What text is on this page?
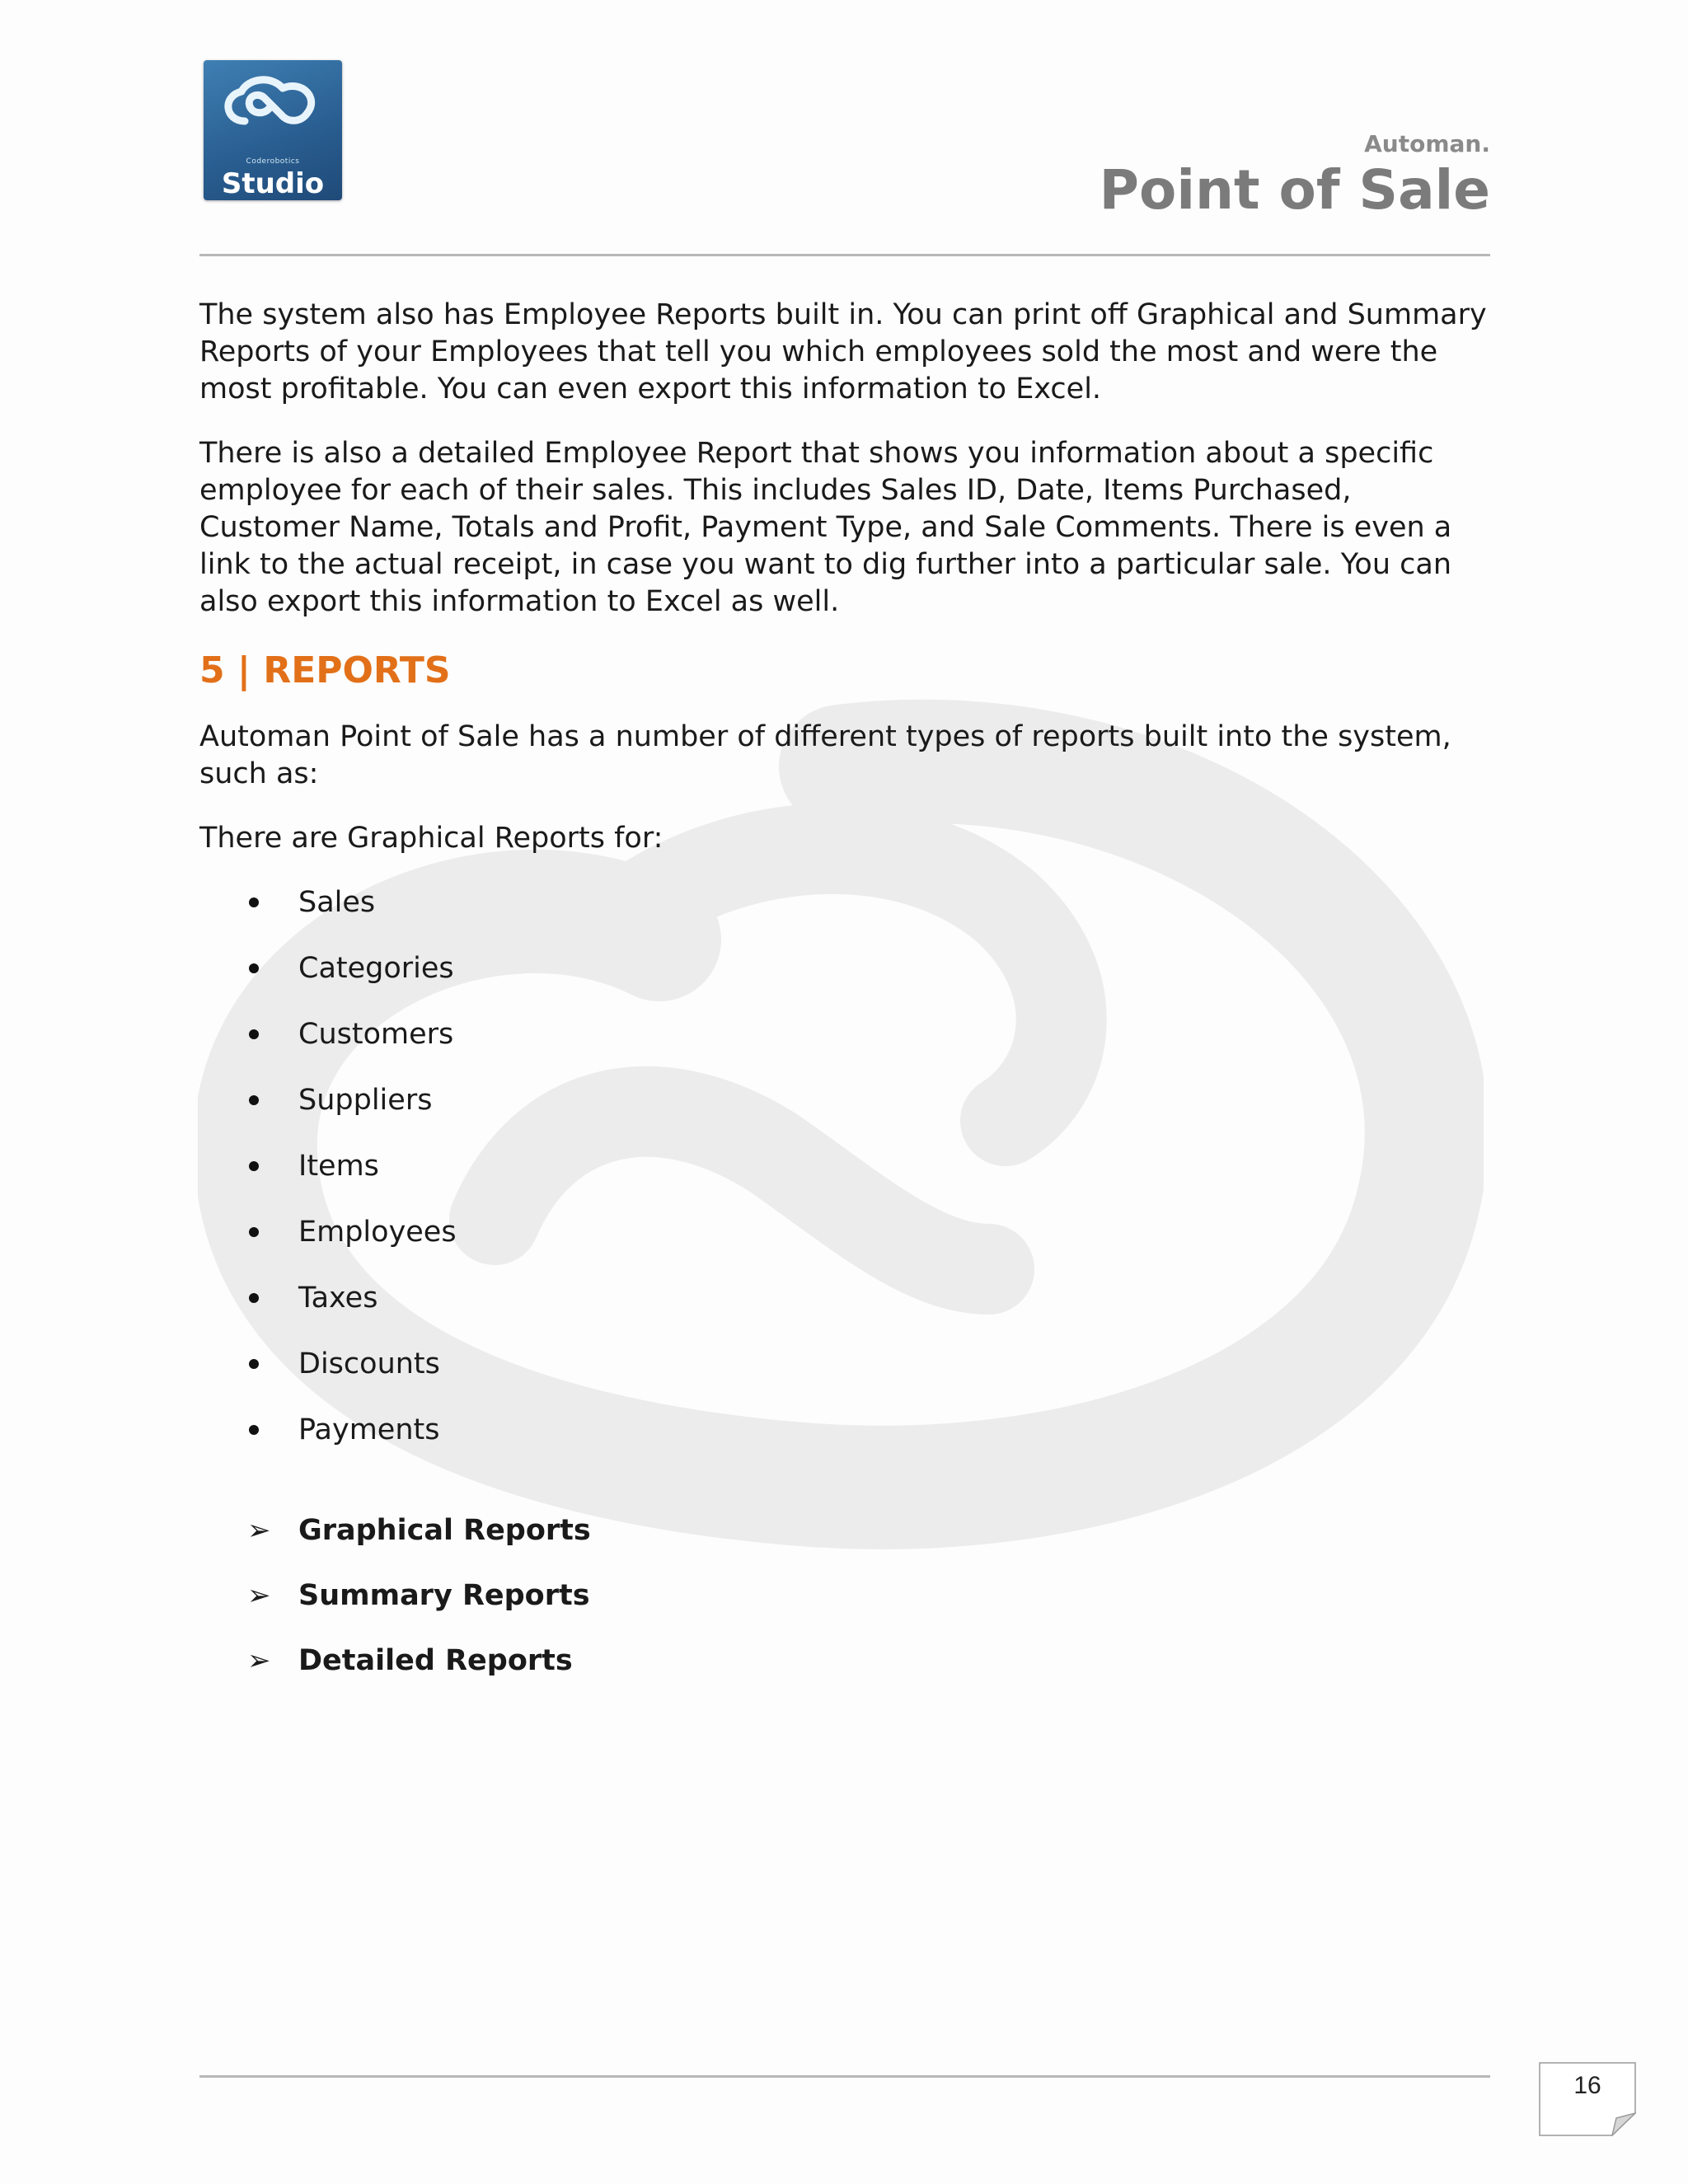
Coderobotics
Studio
Automan.
Point of Sale

The system also has Employee Reports built in. You can print off Graphical and Summary Reports of your Employees that tell you which employees sold the most and were the most profitable. You can even export this information to Excel.

There is also a detailed Employee Report that shows you information about a specific employee for each of their sales. This includes Sales ID, Date, Items Purchased, Customer Name, Totals and Profit, Payment Type, and Sale Comments. There is even a link to the actual receipt, in case you want to dig further into a particular sale. You can also export this information to Excel as well.

5 | REPORTS

Automan Point of Sale has a number of different types of reports built into the system, such as:

There are Graphical Reports for:

Sales
Categories
Customers
Suppliers
Items
Employees
Taxes
Discounts
Payments
➢ Graphical Reports
➢ Summary Reports
➢ Detailed Reports
16
